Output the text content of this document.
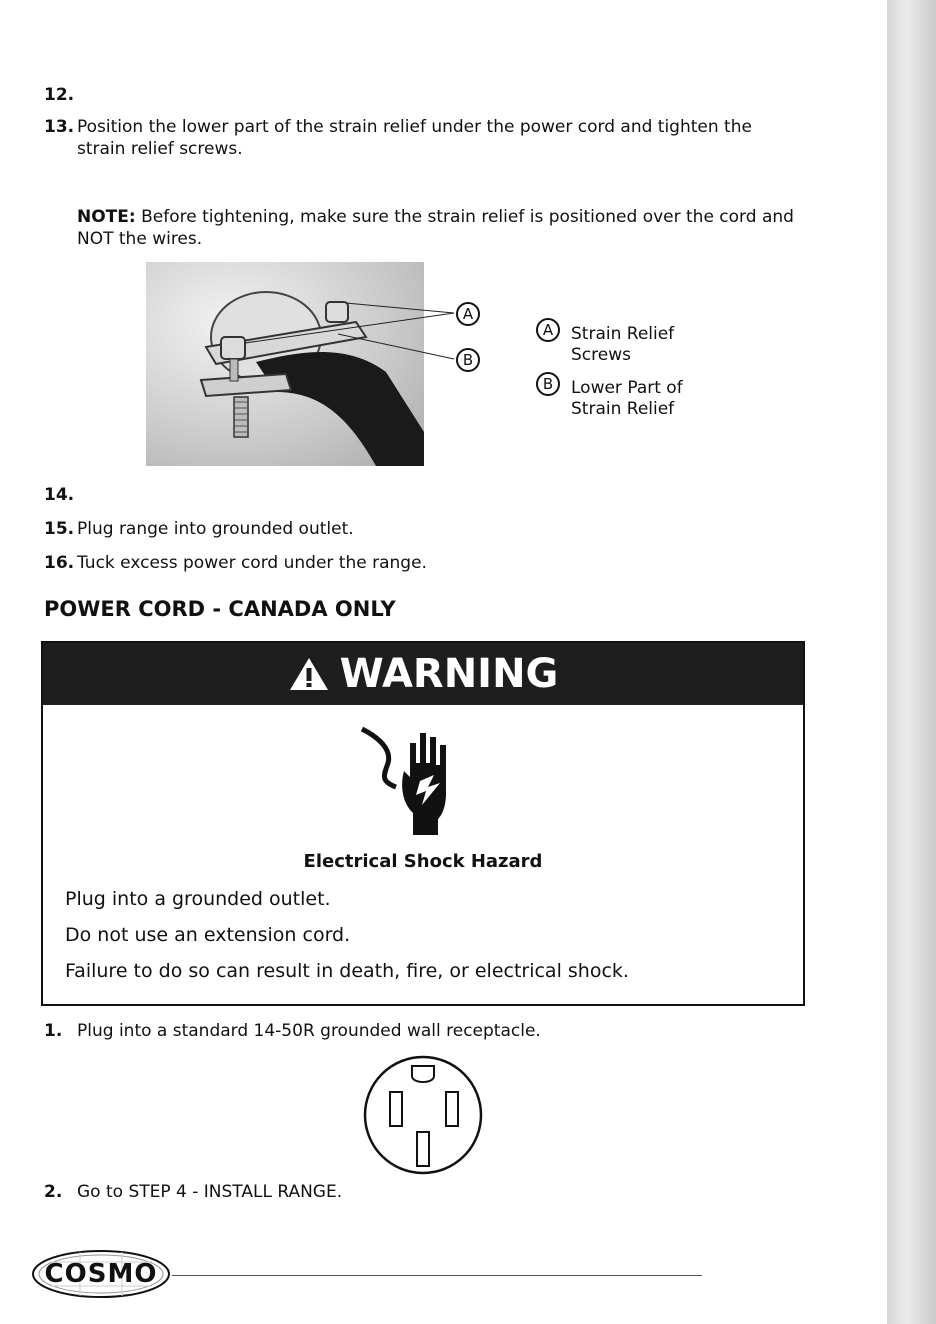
12.
13. Position the lower part of the strain relief under the power cord and tighten the strain relief screws.
NOTE: Before tightening, make sure the strain relief is positioned over the cord and NOT the wires.
A
B
A	Strain Relief
Screws
B	Lower Part of
Strain Relief
14.
15. Plug range into grounded outlet.
16. Tuck excess power cord under the range.
POWER CORD - CANADA ONLY
WARNING
Electrical Shock Hazard
Plug into a grounded outlet.
Do not use an extension cord.
Failure to do so can result in death, fire, or electrical shock.
1. Plug into a standard 14-50R grounded wall receptacle.
2. Go to STEP 4 - INSTALL RANGE.
COSMO
